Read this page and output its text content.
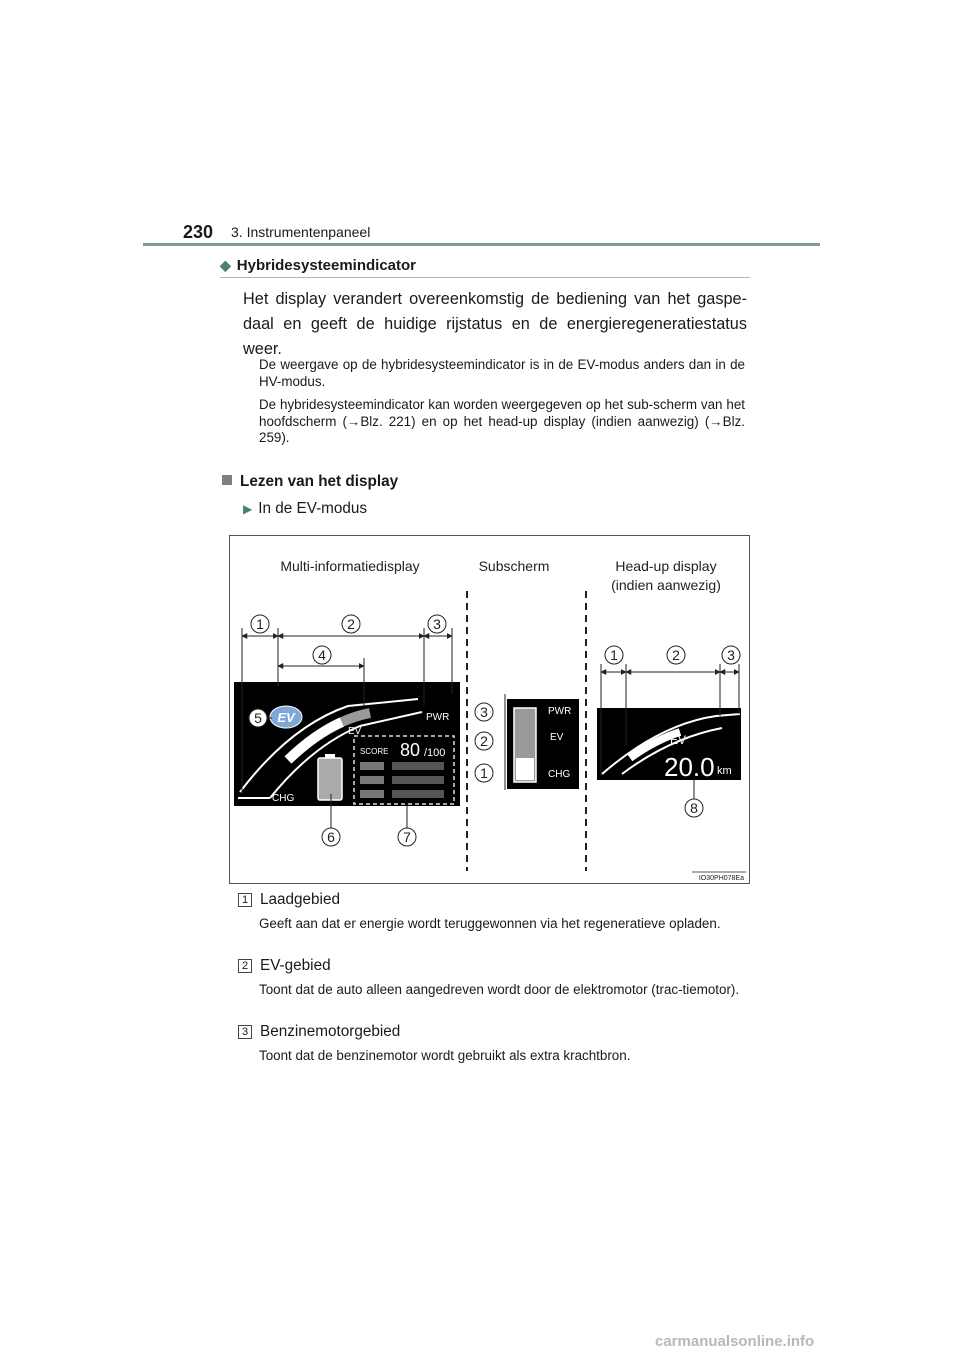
230 3. Instrumentenpaneel
◆ Hybridesysteemindicator

Het display verandert overeenkomstig de bediening van het gaspe-daal en geeft de huidige rijstatus en de energieregeneratiestatus weer.

De weergave op de hybridesysteemindicator is in de EV-modus anders dan in de HV-modus.

De hybridesysteemindicator kan worden weergegeven op het sub-scherm van het hoofdscherm (→Blz. 221) en op het head-up display (indien aanwezig) (→Blz. 259).

Lezen van het display
▶ In de EV-modus
Multi-informatiedisplay	Subscherm	Head-up display
(indien aanwezig)
EV	PWR
EV
CHG
SCORE 80 /100
1	2	3
4
5
6	7
PWR
EV
CHG
3
2
1
EV
20.0 km
1	2	3
8
IO30PH078Ea
1 Laadgebied

Geeft aan dat er energie wordt teruggewonnen via het regeneratieve opladen.

2 EV-gebied

Toont dat de auto alleen aangedreven wordt door de elektromotor (trac-tiemotor).

3 Benzinemotorgebied

Toont dat de benzinemotor wordt gebruikt als extra krachtbron.

carmanualsonline.info
